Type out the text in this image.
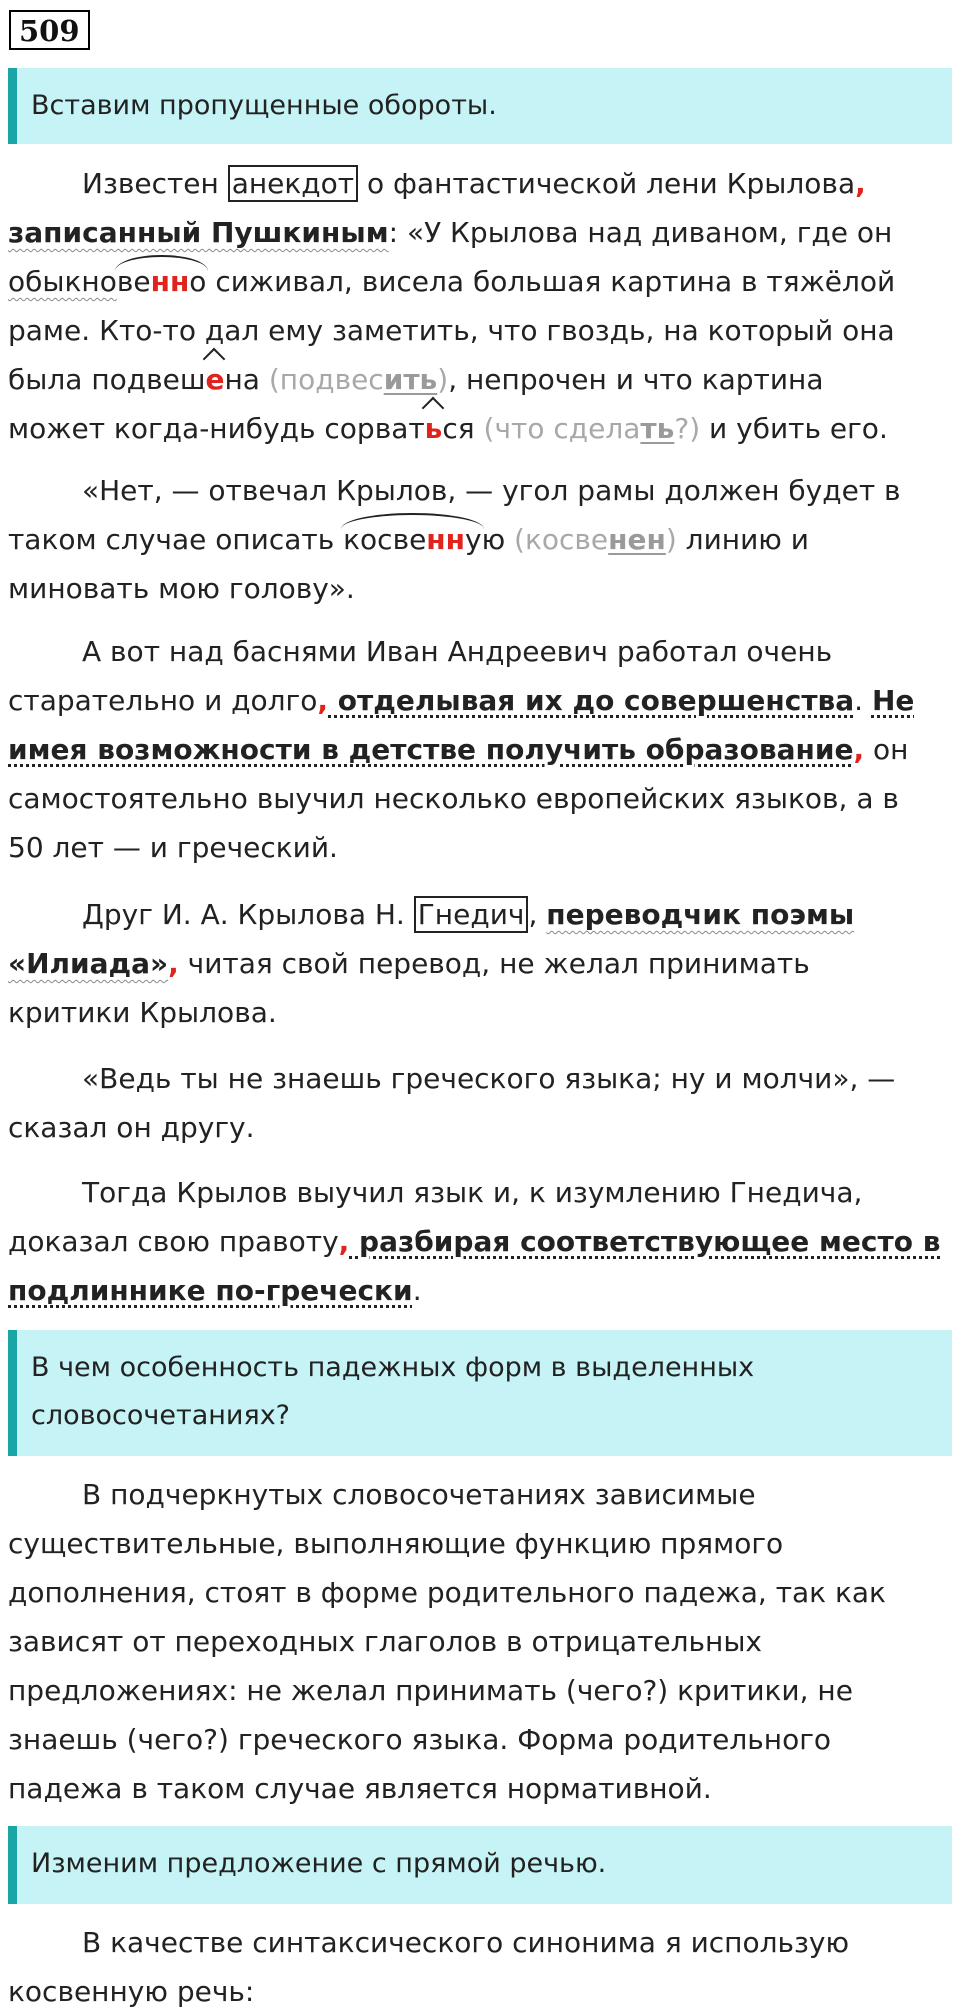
509
Вставим пропущенные обороты.
Известен анекдот о фантастической лени Крылова,
записанный Пушкиным: «У Крылова над диваном, где он
обыкновенно сиживал, висела большая картина в тяжёлой
раме. Кто-то дал ему заметить, что гвоздь, на который она
была подвешена (подвесить), непрочен и что картина
может когда-нибудь сорваться (что сделать?) и убить его.
«Нет, — отвечал Крылов, — угол рамы должен будет в
таком случае описать косвенную (косвенен) линию и
миновать мою голову».
А вот над баснями Иван Андреевич работал очень
старательно и долго, отделывая их до совершенства. Не
имея возможности в детстве получить образование, он
самостоятельно выучил несколько европейских языков, а в
50 лет — и греческий.
Друг И. А. Крылова Н. Гнедич , переводчик поэмы
«Илиада», читая свой перевод, не желал принимать
критики Крылова.
«Ведь ты не знаешь греческого языка; ну и молчи», —
сказал он другу.
Тогда Крылов выучил язык и, к изумлению Гнедича,
доказал свою правоту, разбирая соответствующее место в
подлиннике по-гречески.
В чем особенность падежных форм в выделенных
словосочетаниях?
В подчеркнутых словосочетаниях зависимые
существительные, выполняющие функцию прямого
дополнения, стоят в форме родительного падежа, так как
зависят от переходных глаголов в отрицательных
предложениях: не желал принимать (чего?) критики, не
знаешь (чего?) греческого языка. Форма родительного
падежа в таком случае является нормативной.
Изменим предложение с прямой речью.
В качестве синтаксического синонима я использую
косвенную речь:
